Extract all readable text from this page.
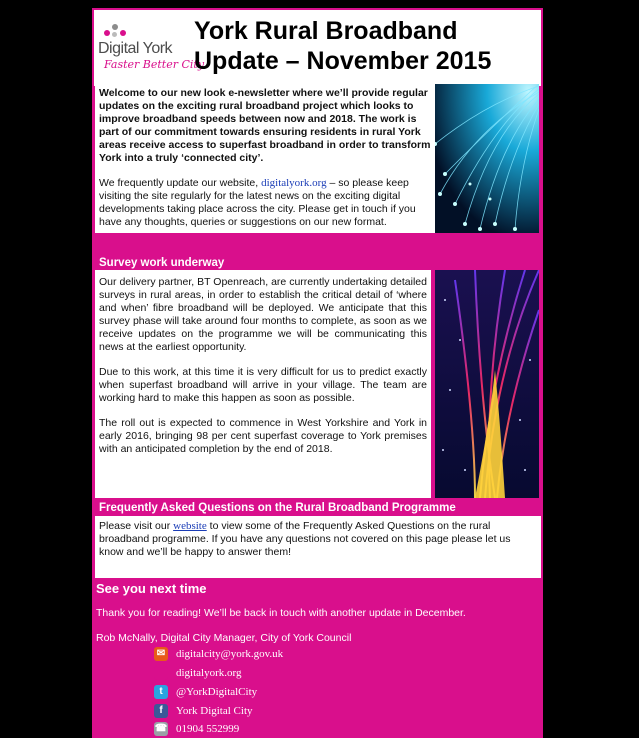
Digital York
Faster Better City
York Rural Broadband Update – November 2015

Welcome to our new look e-newsletter where we’ll provide regular updates on the exciting rural broadband project which looks to improve broadband speeds between now and 2018. The work is part of our commitment towards ensuring residents in rural York areas receive access to superfast broadband in order to transform York into a truly ‘connected city’.

We frequently update our website, digitalyork.org – so please keep visiting the site regularly for the latest news on the exciting digital developments taking place across the city. Please get in touch if you have any thoughts, queries or suggestions on our new format.

Survey work underway

Our delivery partner, BT Openreach, are currently undertaking detailed surveys in rural areas, in order to establish the critical detail of ‘where and when’ fibre broadband will be deployed. We anticipate that this survey phase will take around four months to complete, as soon as we receive updates on the programme we will be communicating this news at the earliest opportunity.

Due to this work, at this time it is very difficult for us to predict exactly when superfast broadband will arrive in your village. The team are working hard to make this happen as soon as possible.

The roll out is expected to commence in West Yorkshire and York in early 2016, bringing 98 per cent superfast coverage to York premises with an anticipated completion by the end of 2018.

Frequently Asked Questions on the Rural Broadband Programme

Please visit our website to view some of the Frequently Asked Questions on the rural broadband programme. If you have any questions not covered on this page please let us know and we’ll be happy to answer them!

See you next time
Thank you for reading! We’ll be back in touch with another update in December.
Rob McNally, Digital City Manager, City of York Council
✉ digitalcity@york.gov.uk
digitalyork.org
t	@YorkDigitalCity
f	York Digital City
☎ 01904 552999
